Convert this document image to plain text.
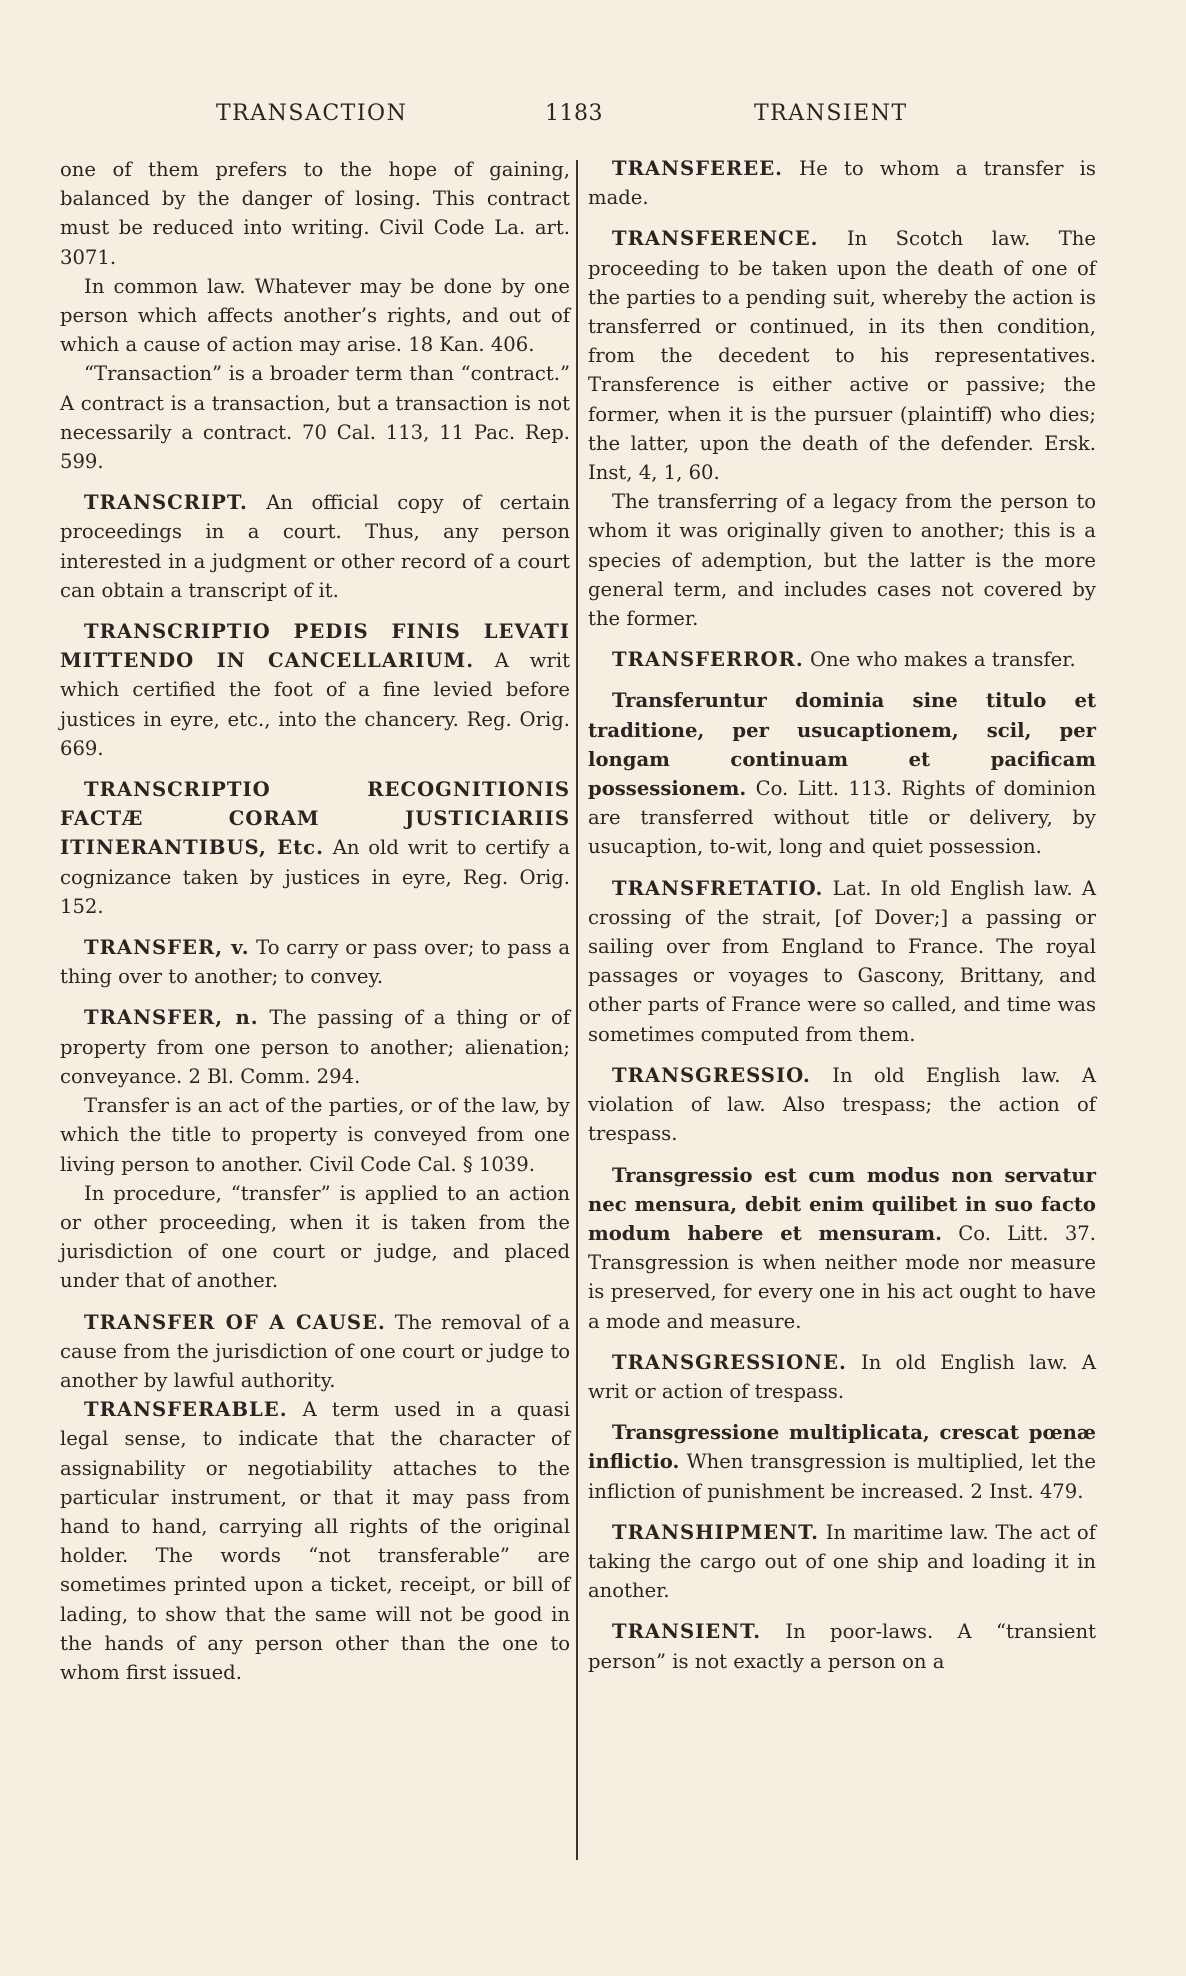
TRANSACTION	1183	TRANSIENT

one of them prefers to the hope of gaining, balanced by the danger of losing. This contract must be reduced into writing. Civil Code La. art. 3071.

In common law. Whatever may be done by one person which affects another’s rights, and out of which a cause of action may arise. 18 Kan. 406.

“Transaction” is a broader term than “contract.” A contract is a transaction, but a transaction is not necessarily a contract. 70 Cal. 113, 11 Pac. Rep. 599.

TRANSCRIPT. An official copy of certain proceedings in a court. Thus, any person interested in a judgment or other record of a court can obtain a transcript of it.

TRANSCRIPTIO PEDIS FINIS LEVATI MITTENDO IN CANCELLARIUM. A writ which certified the foot of a fine levied before justices in eyre, etc., into the chancery. Reg. Orig. 669.

TRANSCRIPTIO RECOGNITIONIS FACTÆ CORAM JUSTICIARIIS ITINERANTIBUS, Etc. An old writ to certify a cognizance taken by justices in eyre, Reg. Orig. 152.

TRANSFER, v. To carry or pass over; to pass a thing over to another; to convey.

TRANSFER, n. The passing of a thing or of property from one person to another; alienation; conveyance. 2 Bl. Comm. 294.

Transfer is an act of the parties, or of the law, by which the title to property is conveyed from one living person to another. Civil Code Cal. § 1039.

In procedure, “transfer” is applied to an action or other proceeding, when it is taken from the jurisdiction of one court or judge, and placed under that of another.

TRANSFER OF A CAUSE. The removal of a cause from the jurisdiction of one court or judge to another by lawful authority.

TRANSFERABLE. A term used in a quasi legal sense, to indicate that the character of assignability or negotiability attaches to the particular instrument, or that it may pass from hand to hand, carrying all rights of the original holder. The words “not transferable” are sometimes printed upon a ticket, receipt, or bill of lading, to show that the same will not be good in the hands of any person other than the one to whom first issued.

TRANSFEREE. He to whom a transfer is made.

TRANSFERENCE. In Scotch law. The proceeding to be taken upon the death of one of the parties to a pending suit, whereby the action is transferred or continued, in its then condition, from the decedent to his representatives. Transference is either active or passive; the former, when it is the pursuer (plaintiff) who dies; the latter, upon the death of the defender. Ersk. Inst, 4, 1, 60.

The transferring of a legacy from the person to whom it was originally given to another; this is a species of ademption, but the latter is the more general term, and includes cases not covered by the former.

TRANSFERROR. One who makes a transfer.

Transferuntur dominia sine titulo et traditione, per usucaptionem, scil, per longam continuam et pacificam possessionem. Co. Litt. 113. Rights of dominion are transferred without title or delivery, by usucaption, to-wit, long and quiet possession.

TRANSFRETATIO. Lat. In old English law. A crossing of the strait, [of Dover;] a passing or sailing over from England to France. The royal passages or voyages to Gascony, Brittany, and other parts of France were so called, and time was sometimes computed from them.

TRANSGRESSIO. In old English law. A violation of law. Also trespass; the action of trespass.

Transgressio est cum modus non servatur nec mensura, debit enim quilibet in suo facto modum habere et mensuram. Co. Litt. 37. Transgression is when neither mode nor measure is preserved, for every one in his act ought to have a mode and measure.

TRANSGRESSIONE. In old English law. A writ or action of trespass.

Transgressione multiplicata, crescat pœnæ inflictio. When transgression is multiplied, let the infliction of punishment be increased. 2 Inst. 479.

TRANSHIPMENT. In maritime law. The act of taking the cargo out of one ship and loading it in another.

TRANSIENT. In poor-laws. A “transient person” is not exactly a person on a
